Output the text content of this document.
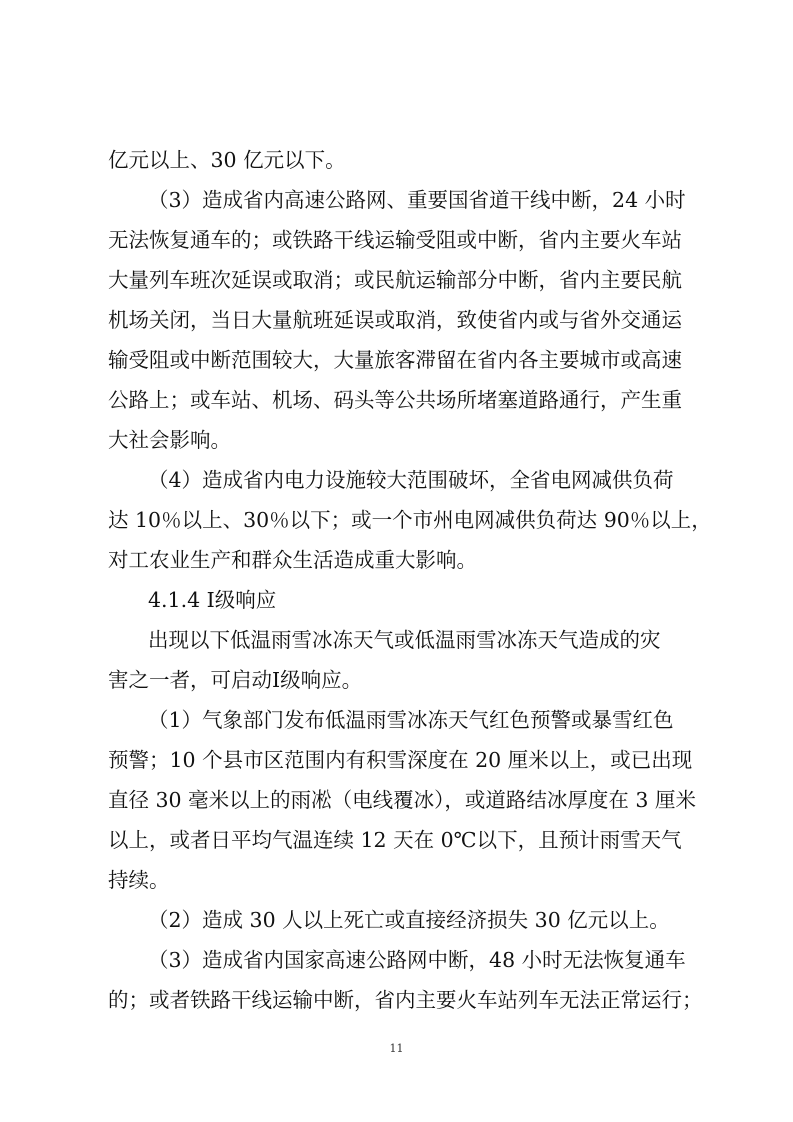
亿元以上、30 亿元以下。
（3）造成省内高速公路网、重要国省道干线中断，24 小时
无法恢复通车的；或铁路干线运输受阻或中断，省内主要火车站
大量列车班次延误或取消；或民航运输部分中断，省内主要民航
机场关闭，当日大量航班延误或取消，致使省内或与省外交通运
输受阻或中断范围较大，大量旅客滞留在省内各主要城市或高速
公路上；或车站、机场、码头等公共场所堵塞道路通行，产生重
大社会影响。
（4）造成省内电力设施较大范围破坏，全省电网减供负荷
达 10％以上、30％以下；或一个市州电网减供负荷达 90％以上，
对工农业生产和群众生活造成重大影响。
4.1.4 Ⅰ级响应
出现以下低温雨雪冰冻天气或低温雨雪冰冻天气造成的灾
害之一者，可启动Ⅰ级响应。
（1）气象部门发布低温雨雪冰冻天气红色预警或暴雪红色
预警；10 个县市区范围内有积雪深度在 20 厘米以上，或已出现
直径 30 毫米以上的雨凇（电线覆冰），或道路结冰厚度在 3 厘米
以上，或者日平均气温连续 12 天在 0℃以下，且预计雨雪天气
持续。
（2）造成 30 人以上死亡或直接经济损失 30 亿元以上。
（3）造成省内国家高速公路网中断，48 小时无法恢复通车
的；或者铁路干线运输中断，省内主要火车站列车无法正常运行；
11
